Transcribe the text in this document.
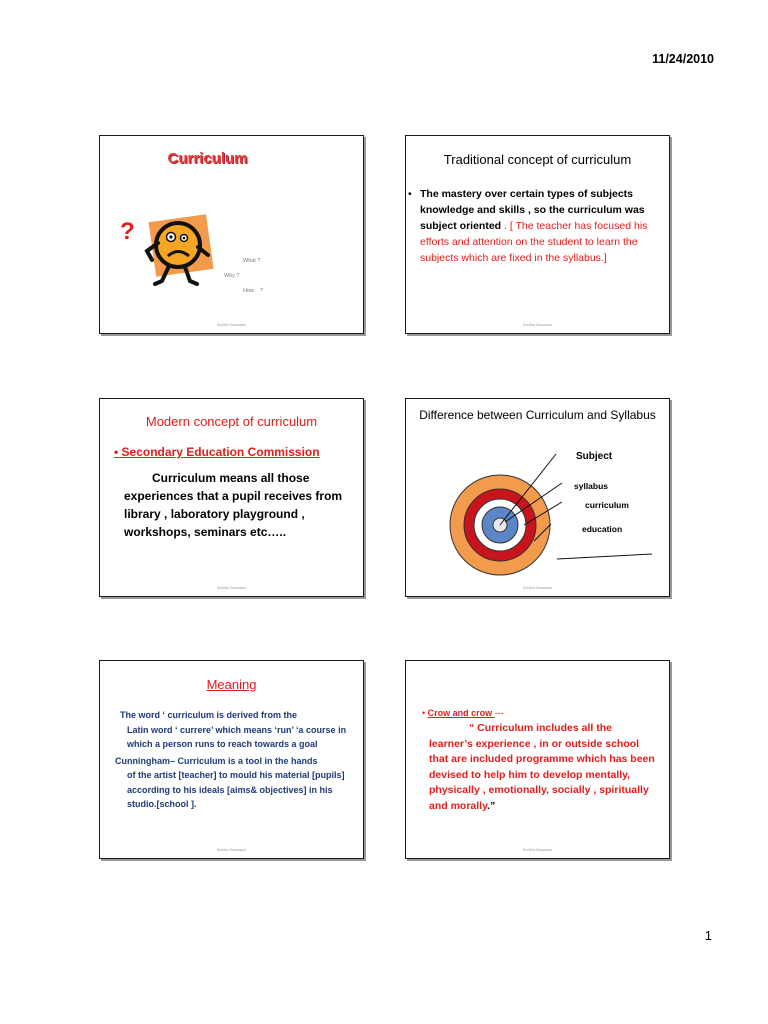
11/24/2010
Curriculum
?
What ?
Why ?
How    ?
Sunitha Sanavaani
Traditional concept of curriculum
• The mastery over certain types of subjects knowledge and skills , so the curriculum was subject oriented . [ The teacher has focused his efforts and attention on the student to learn the subjects which are fixed in the syllabus.]
Sunitha Sanavaani
Modern concept of curriculum
• Secondary Education Commission
Curriculum means all those
experiences that a pupil receives from library , laboratory playground , workshops, seminars etc…..
Sunitha Sanavaani
Difference between Curriculum and Syllabus
Subject
syllabus
curriculum
education
Sunitha Sanavaani
Meaning
The word ‘ curriculum is derived from the
Latin word ‘ currere’ which means ‘run’ ‘a course in which a person runs to reach towards a goal
Cunningham– Curriculum is a tool in the hands
of the artist [teacher] to mould his material [pupils] according to his ideals [aims& objectives] in his studio.[school ].
Sunitha Sanavaani
• Crow and crow ---
“ Curriculum includes all the
learner’s experience , in or outside school that are included programme which has been devised to help him to develop mentally, physically , emotionally, socially , spiritually and morally.”
Sunitha Sanavaani
1
